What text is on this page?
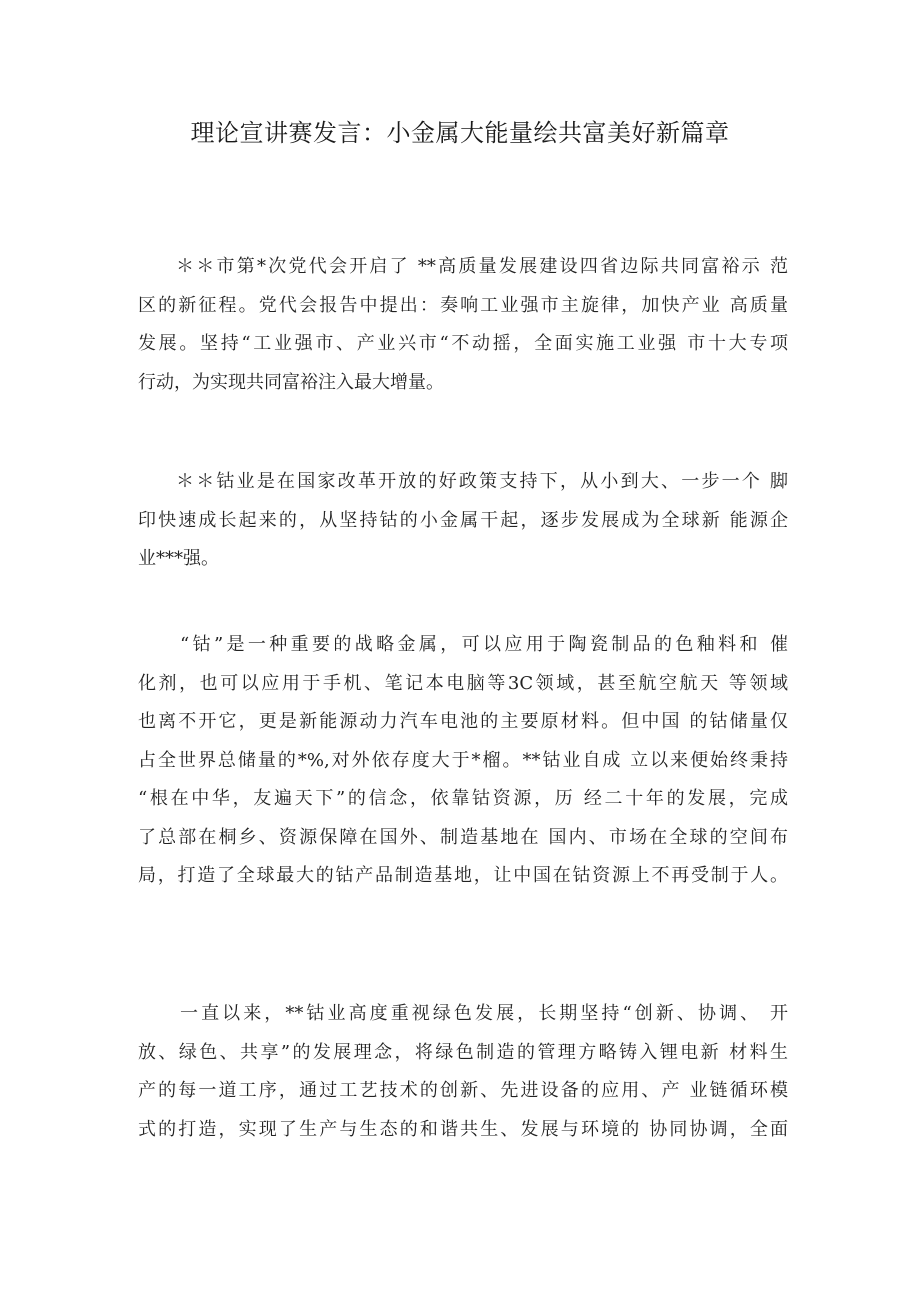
理论宣讲赛发言：小金属大能量绘共富美好新篇章
＊＊市第*次党代会开启了 **高质量发展建设四省边际共同富裕示 范
区的新征程。党代会报告中提出：奏响工业强市主旋律，加快产业 高质量
发展。坚持“工业强市、产业兴市“不动摇，全面实施工业强 市十大专项
行动，为实现共同富裕注入最大增量。
＊＊钴业是在国家改革开放的好政策支持下，从小到大、一步一个 脚
印快速成长起来的，从坚持钴的小金属干起，逐步发展成为全球新 能源企
业***强。
“钴”是一种重要的战略金属，可以应用于陶瓷制品的色釉料和 催
化剂，也可以应用于手机、笔记本电脑等3C领域，甚至航空航天 等领域
也离不开它，更是新能源动力汽车电池的主要原材料。但中国 的钴储量仅
占全世界总储量的*%,对外依存度大于*榴。**钴业自成 立以来便始终秉持
“根在中华，友遍天下”的信念，依靠钴资源，历 经二十年的发展，完成
了总部在桐乡、资源保障在国外、制造基地在 国内、市场在全球的空间布
局，打造了全球最大的钴产品制造基地，让中国在钴资源上不再受制于人。
一直以来，**钴业高度重视绿色发展，长期坚持“创新、协调、 开
放、绿色、共享”的发展理念，将绿色制造的管理方略铸入锂电新 材料生
产的每一道工序，通过工艺技术的创新、先进设备的应用、产 业链循环模
式的打造，实现了生产与生态的和谐共生、发展与环境的 协同协调，全面
